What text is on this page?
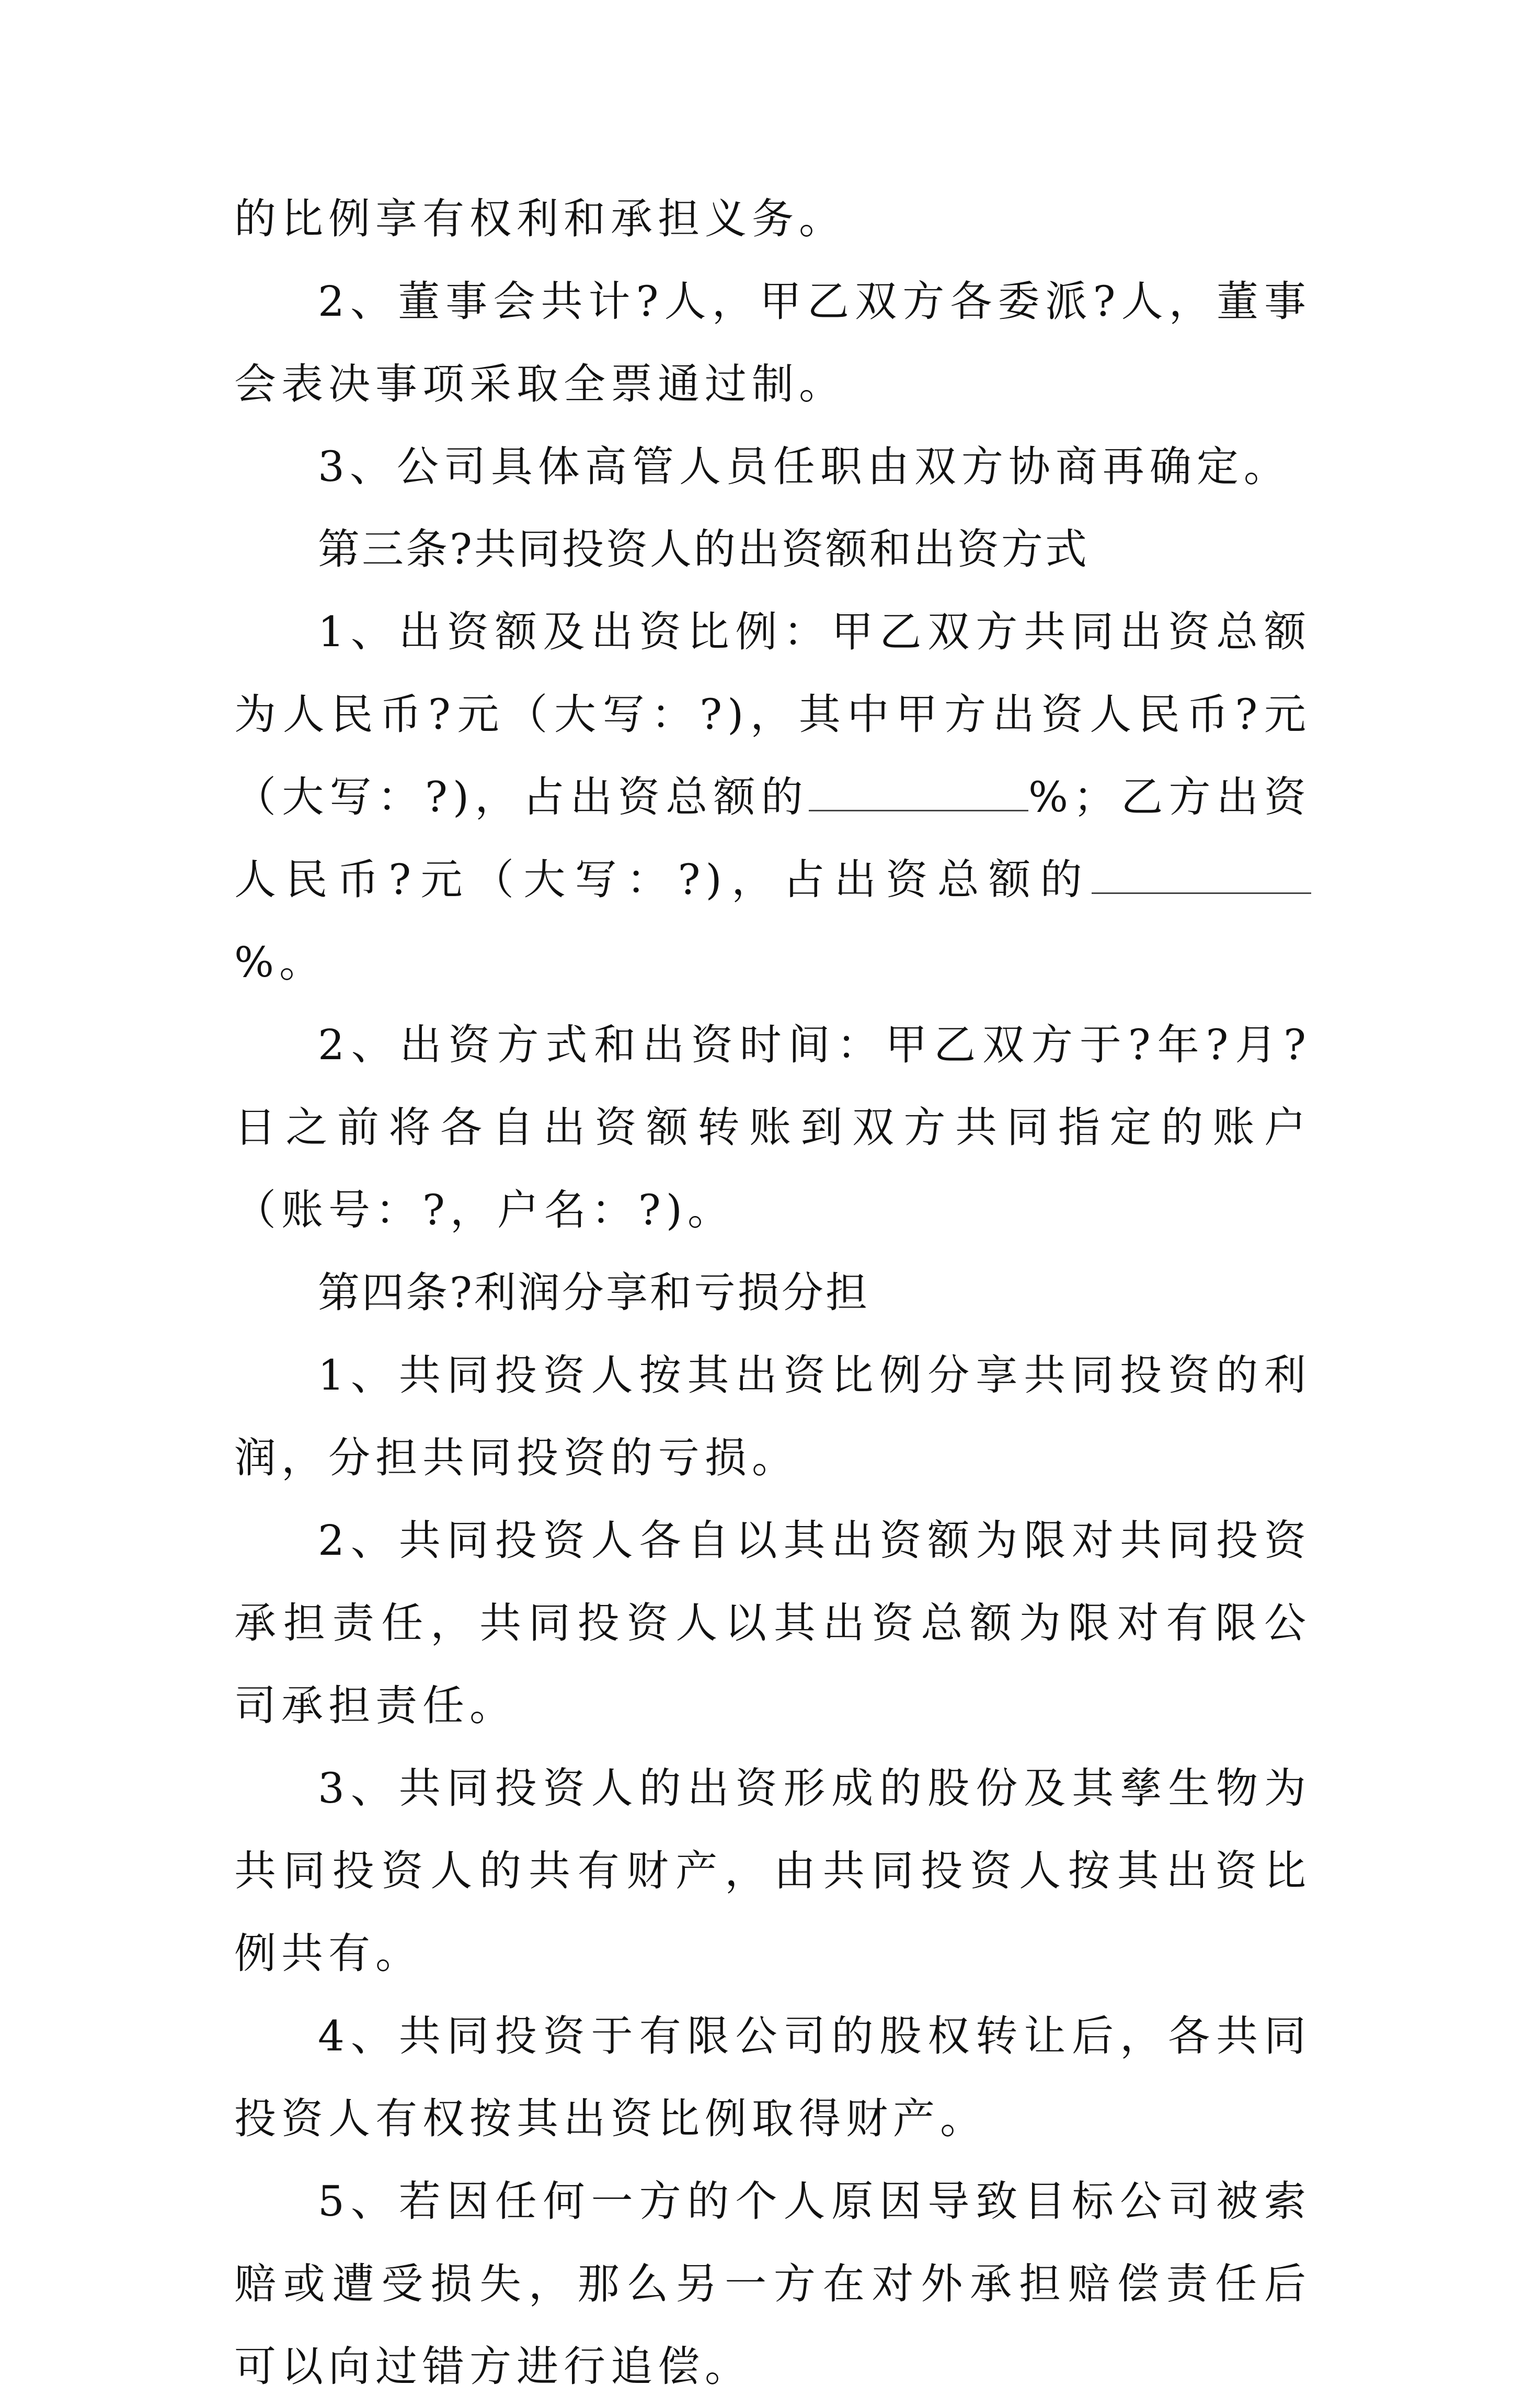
的比例享有权利和承担义务。

2、董事会共计?人，甲乙双方各委派?人，董事会表决事项采取全票通过制。

3、公司具体高管人员任职由双方协商再确定。

第三条?共同投资人的出资额和出资方式

1、出资额及出资比例：甲乙双方共同出资总额为人民币?元（大写：?)，其中甲方出资人民币?元（大写：?)，占出资总额的	%；乙方出资人民币?元（大写：?)，占出资总额的%。

2、出资方式和出资时间：甲乙双方于?年?月?日之前将各自出资额转账到双方共同指定的账户（账号：?，户名：?)。

第四条?利润分享和亏损分担

1、共同投资人按其出资比例分享共同投资的利润，分担共同投资的亏损。

2、共同投资人各自以其出资额为限对共同投资承担责任，共同投资人以其出资总额为限对有限公司承担责任。

3、共同投资人的出资形成的股份及其孳生物为共同投资人的共有财产，由共同投资人按其出资比例共有。

4、共同投资于有限公司的股权转让后，各共同投资人有权按其出资比例取得财产。

5、若因任何一方的个人原因导致目标公司被索赔或遭受损失，那么另一方在对外承担赔偿责任后可以向过错方进行追偿。
